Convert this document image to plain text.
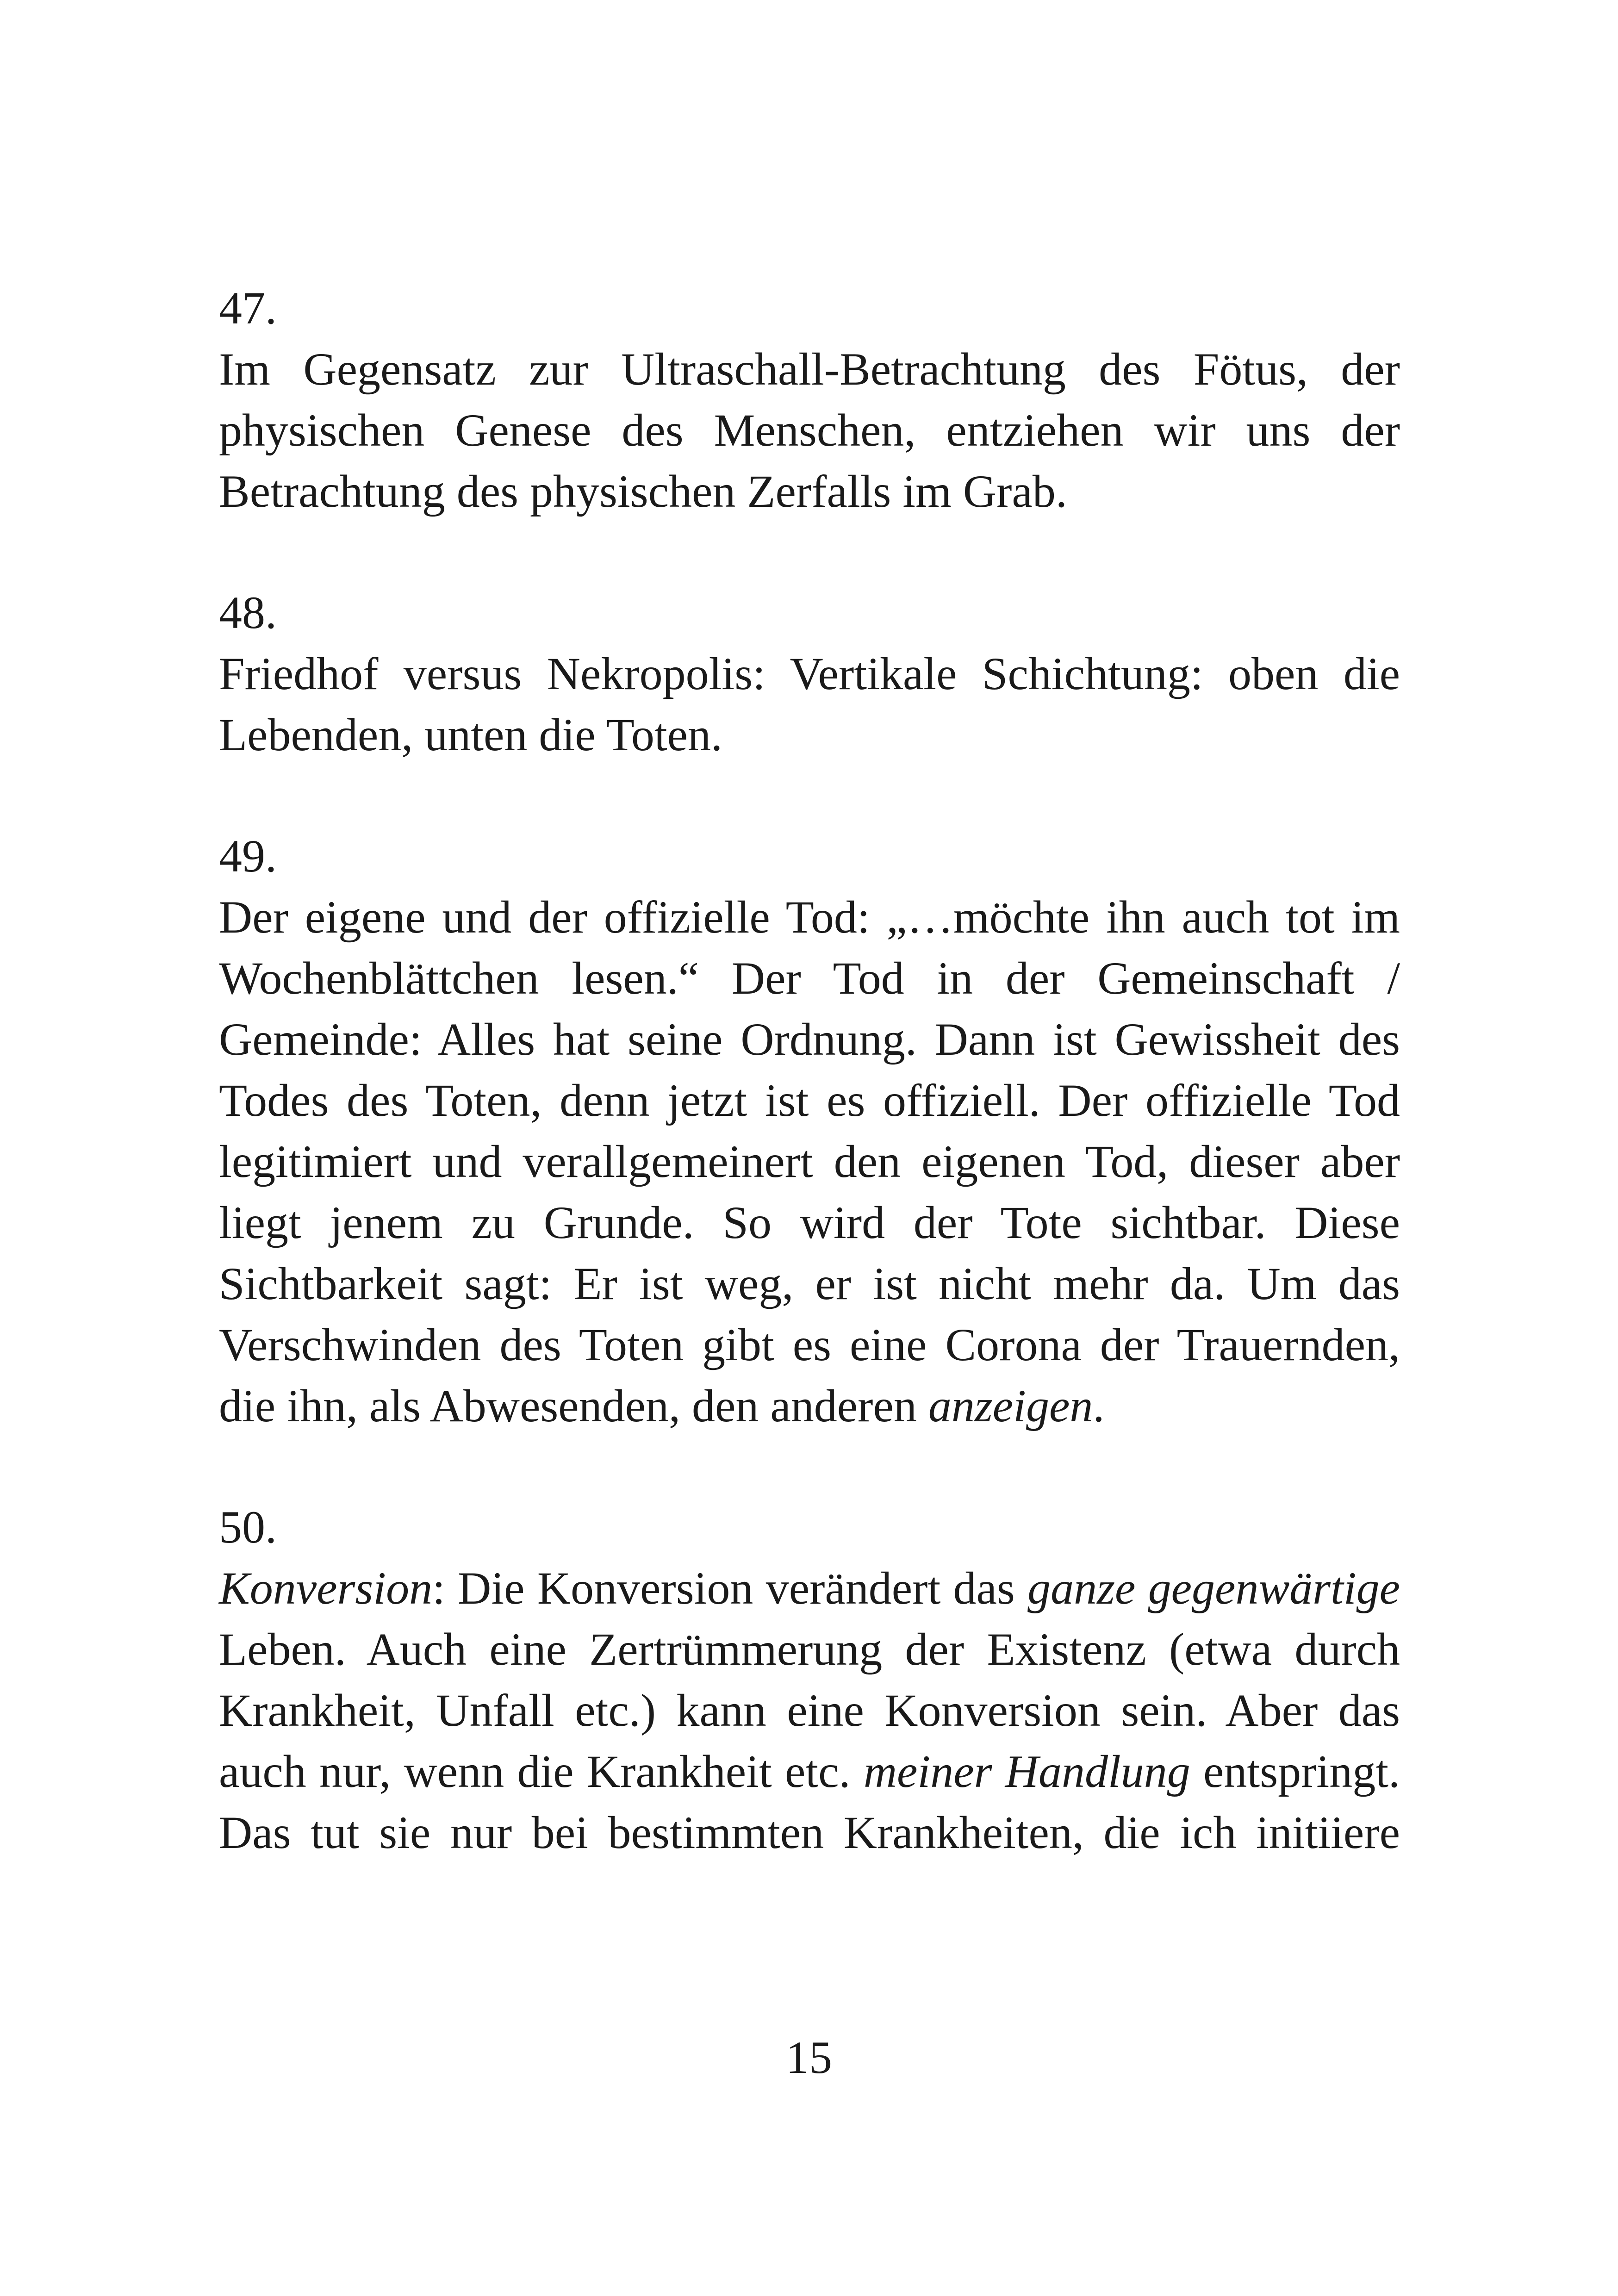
47.

Im Gegensatz zur Ultraschall-Betrachtung des Fötus, der physischen Genese des Menschen, entziehen wir uns der Betrachtung des physischen Zerfalls im Grab.

48.

Friedhof versus Nekropolis: Vertikale Schichtung: oben die Lebenden, unten die Toten.

49.

Der eigene und der offizielle Tod: „…möchte ihn auch tot im Wochenblättchen lesen.“ Der Tod in der Gemeinschaft / Gemeinde: Alles hat seine Ordnung. Dann ist Gewissheit des Todes des Toten, denn jetzt ist es offiziell. Der offizielle Tod legitimiert und verallgemeinert den eigenen Tod, dieser aber liegt jenem zu Grunde. So wird der Tote sichtbar. Diese Sichtbarkeit sagt: Er ist weg, er ist nicht mehr da. Um das Verschwinden des Toten gibt es eine Corona der Trauernden, die ihn, als Abwesenden, den anderen anzeigen.

50.

Konversion: Die Konversion verändert das ganze gegenwärtige Leben. Auch eine Zertrümmerung der Existenz (etwa durch Krankheit, Unfall etc.) kann eine Konversion sein. Aber das auch nur, wenn die Krankheit etc. meiner Handlung entspringt. Das tut sie nur bei bestimmten Krankheiten, die ich initiiere

15
